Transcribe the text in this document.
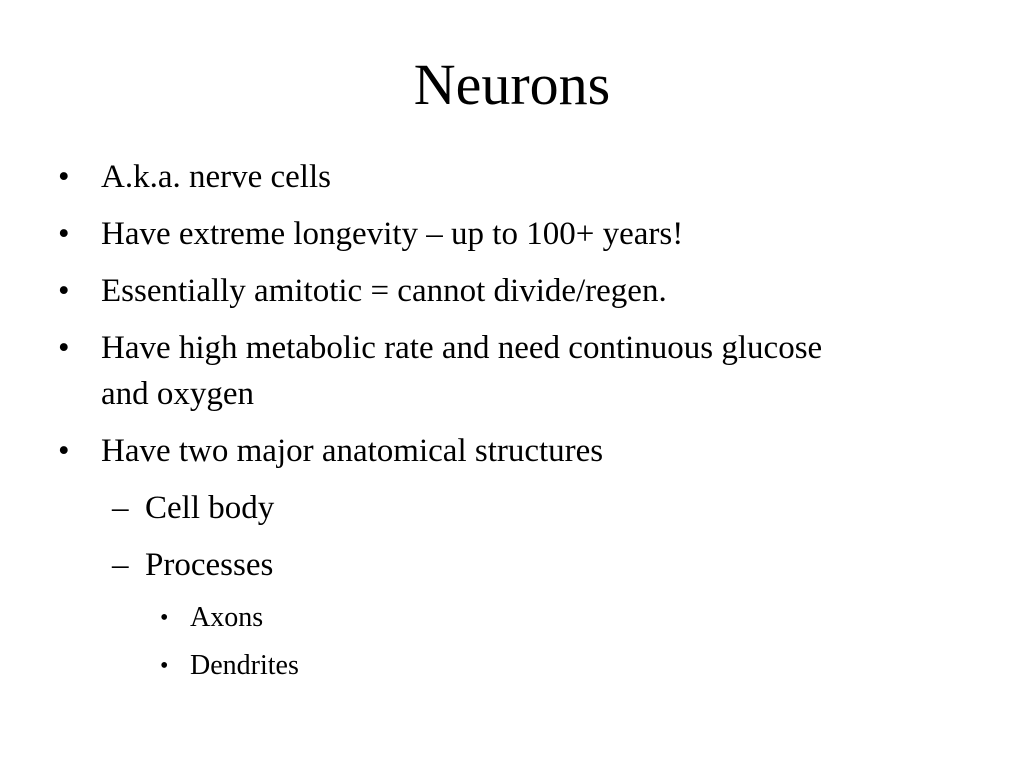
Neurons
• A.k.a. nerve cells
• Have extreme longevity – up to 100+ years!
• Essentially amitotic = cannot divide/regen.
• Have high metabolic rate and need continuous glucose and oxygen
• Have two major anatomical structures
– Cell body
– Processes
• Axons
• Dendrites
